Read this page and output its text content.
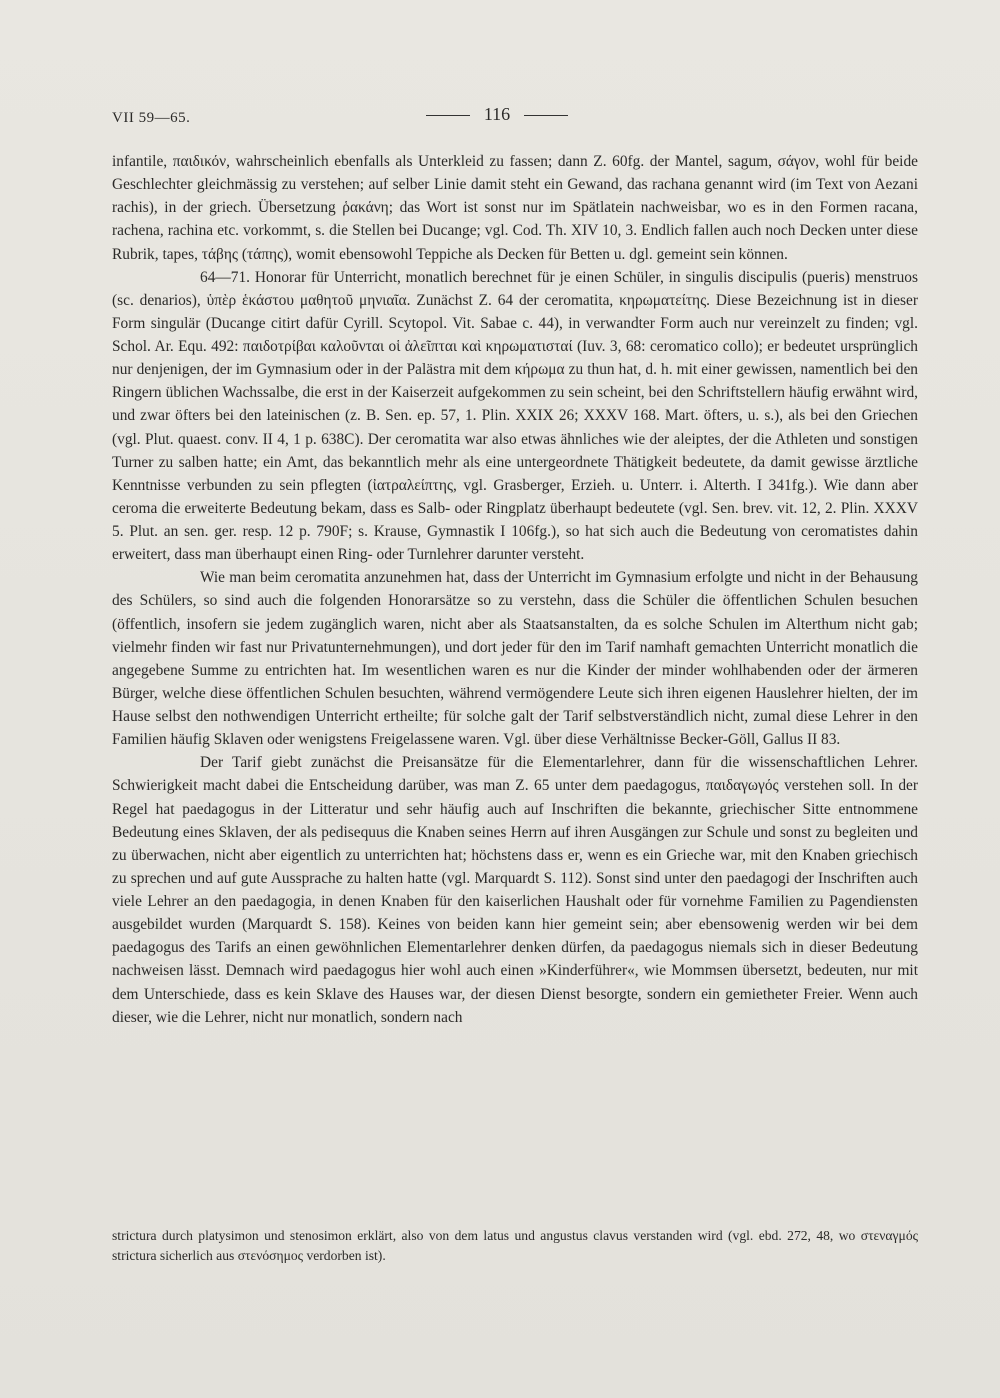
VII 59—65.	116

infantile, παιδικόν, wahrscheinlich ebenfalls als Unterkleid zu fassen; dann Z. 60fg. der Mantel, sagum, σάγον, wohl für beide Geschlechter gleichmässig zu verstehen; auf selber Linie damit steht ein Gewand, das rachana genannt wird (im Text von Aezani rachis), in der griech. Übersetzung ῥακάνη; das Wort ist sonst nur im Spätlatein nachweisbar, wo es in den Formen racana, rachena, rachina etc. vorkommt, s. die Stellen bei Ducange; vgl. Cod. Th. XIV 10, 3. Endlich fallen auch noch Decken unter diese Rubrik, tapes, τάβης (τάπης), womit ebensowohl Teppiche als Decken für Betten u. dgl. gemeint sein können.

64—71. Honorar für Unterricht, monatlich berechnet für je einen Schüler, in singulis discipulis (pueris) menstruos (sc. denarios), ὑπὲρ ἑκάστου μαθητοῦ μηνιαῖα. Zunächst Z. 64 der ceromatita, κηρωματείτης. Diese Bezeichnung ist in dieser Form singulär (Ducange citirt dafür Cyrill. Scytopol. Vit. Sabae c. 44), in verwandter Form auch nur vereinzelt zu finden; vgl. Schol. Ar. Equ. 492: παιδοτρίβαι καλοῦνται οἱ ἀλεῖπται καὶ κηρωματισταί (Iuv. 3, 68: ceromatico collo); er bedeutet ursprünglich nur denjenigen, der im Gymnasium oder in der Palästra mit dem κήρωμα zu thun hat, d. h. mit einer gewissen, namentlich bei den Ringern üblichen Wachssalbe, die erst in der Kaiserzeit aufgekommen zu sein scheint, bei den Schriftstellern häufig erwähnt wird, und zwar öfters bei den lateinischen (z. B. Sen. ep. 57, 1. Plin. XXIX 26; XXXV 168. Mart. öfters, u. s.), als bei den Griechen (vgl. Plut. quaest. conv. II 4, 1 p. 638C). Der ceromatita war also etwas ähnliches wie der aleiptes, der die Athleten und sonstigen Turner zu salben hatte; ein Amt, das bekanntlich mehr als eine untergeordnete Thätigkeit bedeutete, da damit gewisse ärztliche Kenntnisse verbunden zu sein pflegten (ἰατραλείπτης, vgl. Grasberger, Erzieh. u. Unterr. i. Alterth. I 341fg.). Wie dann aber ceroma die erweiterte Bedeutung bekam, dass es Salb- oder Ringplatz überhaupt bedeutete (vgl. Sen. brev. vit. 12, 2. Plin. XXXV 5. Plut. an sen. ger. resp. 12 p. 790F; s. Krause, Gymnastik I 106fg.), so hat sich auch die Bedeutung von ceromatistes dahin erweitert, dass man überhaupt einen Ring- oder Turnlehrer darunter versteht.

Wie man beim ceromatita anzunehmen hat, dass der Unterricht im Gymnasium erfolgte und nicht in der Behausung des Schülers, so sind auch die folgenden Honorarsätze so zu verstehn, dass die Schüler die öffentlichen Schulen besuchen (öffentlich, insofern sie jedem zugänglich waren, nicht aber als Staatsanstalten, da es solche Schulen im Alterthum nicht gab; vielmehr finden wir fast nur Privatunternehmungen), und dort jeder für den im Tarif namhaft gemachten Unterricht monatlich die angegebene Summe zu entrichten hat. Im wesentlichen waren es nur die Kinder der minder wohlhabenden oder der ärmeren Bürger, welche diese öffentlichen Schulen besuchten, während vermögendere Leute sich ihren eigenen Hauslehrer hielten, der im Hause selbst den nothwendigen Unterricht ertheilte; für solche galt der Tarif selbstverständlich nicht, zumal diese Lehrer in den Familien häufig Sklaven oder wenigstens Freigelassene waren. Vgl. über diese Verhältnisse Becker-Göll, Gallus II 83.

Der Tarif giebt zunächst die Preisansätze für die Elementarlehrer, dann für die wissenschaftlichen Lehrer. Schwierigkeit macht dabei die Entscheidung darüber, was man Z. 65 unter dem paedagogus, παιδαγωγός verstehen soll. In der Regel hat paedagogus in der Litteratur und sehr häufig auch auf Inschriften die bekannte, griechischer Sitte entnommene Bedeutung eines Sklaven, der als pedisequus die Knaben seines Herrn auf ihren Ausgängen zur Schule und sonst zu begleiten und zu überwachen, nicht aber eigentlich zu unterrichten hat; höchstens dass er, wenn es ein Grieche war, mit den Knaben griechisch zu sprechen und auf gute Aussprache zu halten hatte (vgl. Marquardt S. 112). Sonst sind unter den paedagogi der Inschriften auch viele Lehrer an den paedagogia, in denen Knaben für den kaiserlichen Haushalt oder für vornehme Familien zu Pagendiensten ausgebildet wurden (Marquardt S. 158). Keines von beiden kann hier gemeint sein; aber ebensowenig werden wir bei dem paedagogus des Tarifs an einen gewöhnlichen Elementarlehrer denken dürfen, da paedagogus niemals sich in dieser Bedeutung nachweisen lässt. Demnach wird paedagogus hier wohl auch einen »Kinderführer«, wie Mommsen übersetzt, bedeuten, nur mit dem Unterschiede, dass es kein Sklave des Hauses war, der diesen Dienst besorgte, sondern ein gemietheter Freier. Wenn auch dieser, wie die Lehrer, nicht nur monatlich, sondern nach

strictura durch platysimon und stenosimon erklärt, also von dem latus und angustus clavus verstanden wird (vgl. ebd. 272, 48, wo στεναγμός strictura sicherlich aus στενόσημος verdorben ist).
